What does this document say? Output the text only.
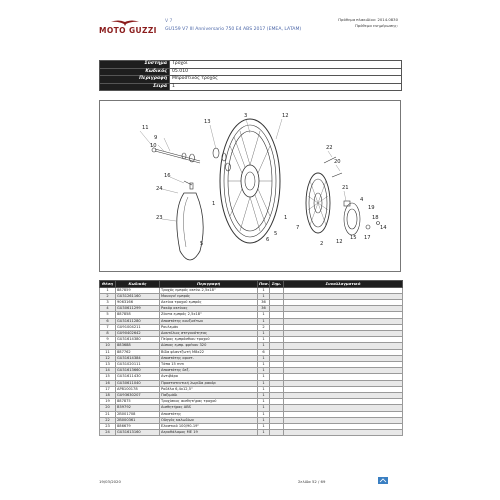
MOTO GUZZI
V 7
GU159 V7 III Anniversario 750 E4 ABS 2017 (EMEA, LATAM)
Πρόθεμα πλακιδίου: 2014.0830
Πρόθεμα ενημέρωσης:
Σύστημα	Τροχοί
Κωδικός	05.010
Περιγραφή	Μπροστινός τροχός
Σειρά	1
11
9
10
16
24
23
13
3	12
22
20
21
4
19
18
14
17
15
12
2
7
1
5
6
5
1
Θέση	Κωδικός	Περιγραφή	Ποσ.	Σημ.	Συναλλαγματικό
1	887859	Τροχός εμπρός ακτίνι 2,5x18"	1		
2	GU31261160	Μουαγιέ εμπρός	1		
3	9063166	Ακτίνα τροχού εμπρός	36		
4	GU30611299	Ρακόρ ακτίνας	36		
5	887858	Ζάντα εμπρός 2,5x18"	1		
6	GU31611280	Αποστάτης κουζινέτων	1		
7	GU91004211	Ρουλεμάν	2		
8	GU90402642	Δακτύλιος στεγανότητας	1		
9	GU31614380	Πείρος εμπρόσθιου τροχού	1		
10	883688	Δίσκος εμπρ. φρένου 320	1		
11	887762	Βίδα φλαντζωτή M8x22	6		
12	GU31614384	Αποστάτης αριστ.	1		
13	GU31020111	Τάπα 15 mm	1		
14	GU31613660	Αποστάτης δεξ.	1		
15	GU31611430	Αντιβάρο	1		
16	GU30611040	Προστατευτική λωρίδα ρακόρ	1		
17	AP8100178	Ροδέλα 6,4x12,5"	1		
18	GU93630207	Παξιμάδι	1		
19	887875	Τροχίσκος αισθητήρας τροχού	1		
20	B59792	Αισθητήρας ABS	1		
21	2B001708	Αποστάτης	1		
22	2B000361	Οδηγός καλωδίων	1		
23	886679	Ελαστικό 100/90-19"	1		
24	GU31613160	Αεροθάλαμος ME 19	1		
19/03/2020	Σελίδα 52 / 69
